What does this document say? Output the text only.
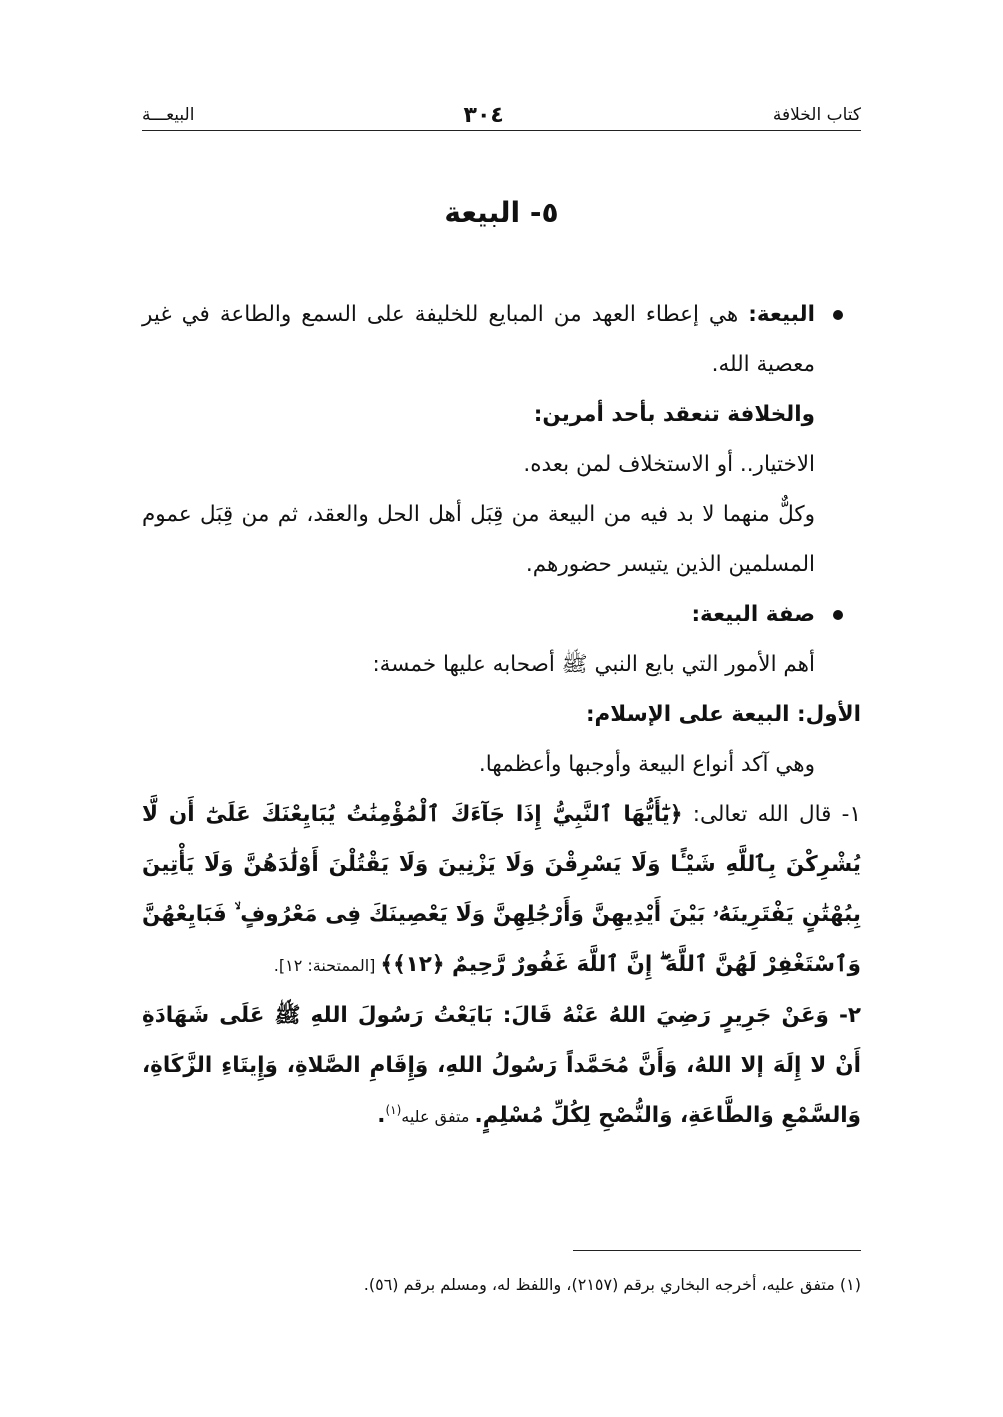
كتاب الخلافة
٣٠٤
البيعـــة
٥- البيعة

البيعة: هي إعطاء العهد من المبايع للخليفة على السمع والطاعة في غير معصية الله.

والخلافة تنعقد بأحد أمرين:

الاختيار.. أو الاستخلاف لمن بعده.

وكلٌّ منهما لا بد فيه من البيعة من قِبَل أهل الحل والعقد، ثم من قِبَل عموم المسلمين الذين يتيسر حضورهم.

صفة البيعة:

أهم الأمور التي بايع النبي ﷺ أصحابه عليها خمسة:

الأول: البيعة على الإسلام:

وهي آكد أنواع البيعة وأوجبها وأعظمها.

١- قال الله تعالى: ﴿يَٰٓأَيُّهَا ٱلنَّبِيُّ إِذَا جَآءَكَ ٱلْمُؤْمِنَٰتُ يُبَايِعْنَكَ عَلَىٰٓ أَن لَّا يُشْرِكْنَ بِٱللَّهِ شَيْـًٔا وَلَا يَسْرِقْنَ وَلَا يَزْنِينَ وَلَا يَقْتُلْنَ أَوْلَٰدَهُنَّ وَلَا يَأْتِينَ بِبُهْتَٰنٍ يَفْتَرِينَهُۥ بَيْنَ أَيْدِيهِنَّ وَأَرْجُلِهِنَّ وَلَا يَعْصِينَكَ فِى مَعْرُوفٍ ۙ فَبَايِعْهُنَّ وَٱسْتَغْفِرْ لَهُنَّ ٱللَّهَ ۖ إِنَّ ٱللَّهَ غَفُورٌ رَّحِيمٌ ﴿١٢﴾﴾ [الممتحنة: ١٢].

٢- وَعَنْ جَرِيرٍ رَضِيَ اللهُ عَنْهُ قَالَ: بَايَعْتُ رَسُولَ اللهِ ﷺ عَلَى شَهَادَةِ أَنْ لا إِلَهَ إلا اللهُ، وَأَنَّ مُحَمَّداً رَسُولُ اللهِ، وَإِقَامِ الصَّلاةِ، وَإِيتَاءِ الزَّكَاةِ، وَالسَّمْعِ وَالطَّاعَةِ، وَالنُّصْحِ لِكُلِّ مُسْلِمٍ. متفق عليه$^{(١)}$.

(١) متفق عليه، أخرجه البخاري برقم (٢١٥٧)، واللفظ له، ومسلم برقم (٥٦).
